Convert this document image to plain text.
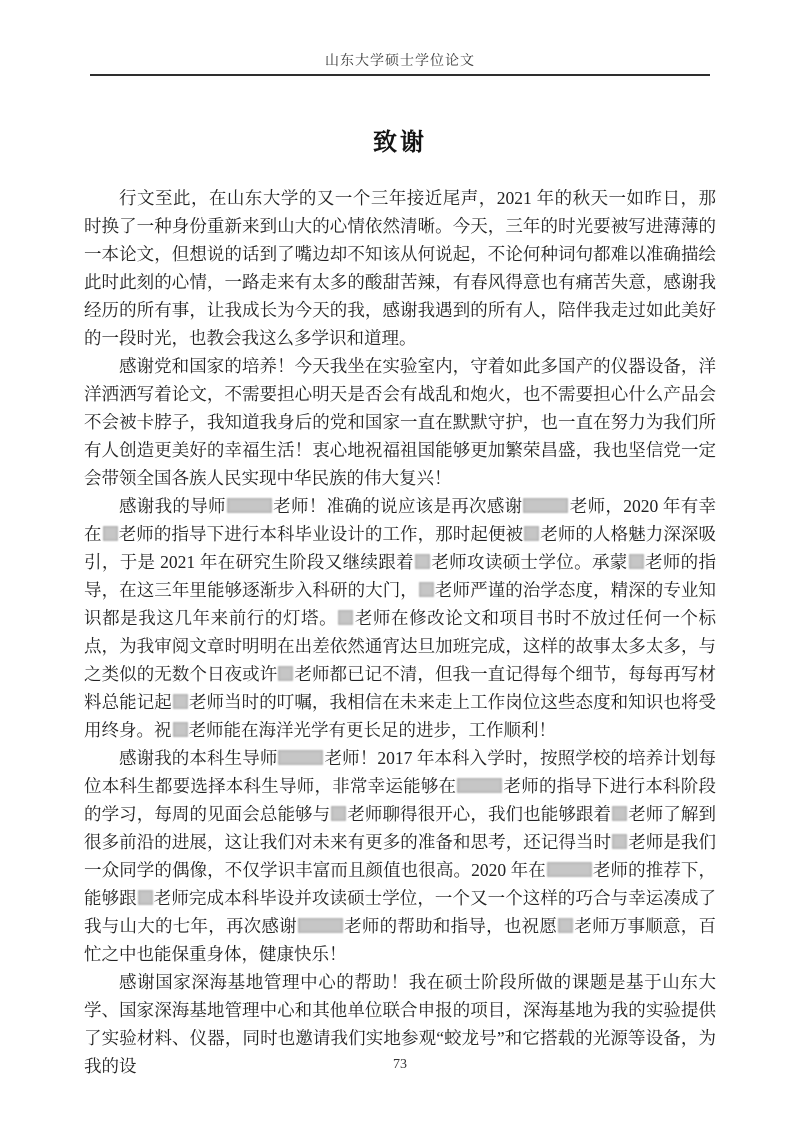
山东大学硕士学位论文
致谢

行文至此，在山东大学的又一个三年接近尾声，2021 年的秋天一如昨日，那时换了一种身份重新来到山大的心情依然清晰。今天，三年的时光要被写进薄薄的一本论文，但想说的话到了嘴边却不知该从何说起，不论何种词句都难以准确描绘此时此刻的心情，一路走来有太多的酸甜苦辣，有春风得意也有痛苦失意，感谢我经历的所有事，让我成长为今天的我，感谢我遇到的所有人，陪伴我走过如此美好的一段时光，也教会我这么多学识和道理。

感谢党和国家的培养！今天我坐在实验室内，守着如此多国产的仪器设备，洋洋洒洒写着论文，不需要担心明天是否会有战乱和炮火，也不需要担心什么产品会不会被卡脖子，我知道我身后的党和国家一直在默默守护，也一直在努力为我们所有人创造更美好的幸福生活！衷心地祝福祖国能够更加繁荣昌盛，我也坚信党一定会带领全国各族人民实现中华民族的伟大复兴！

感谢我的导师	老师！准确的说应该是再次感谢	老师，2020 年有幸在 老师的指导下进行本科毕业设计的工作，那时起便被 老师的人格魅力深深吸引，于是 2021 年在研究生阶段又继续跟着 老师攻读硕士学位。承蒙 老师的指导，在这三年里能够逐渐步入科研的大门， 老师严谨的治学态度，精深的专业知识都是我这几年来前行的灯塔。 老师在修改论文和项目书时不放过任何一个标点，为我审阅文章时明明在出差依然通宵达旦加班完成，这样的故事太多太多，与之类似的无数个日夜或许 老师都已记不清，但我一直记得每个细节，每每再写材料总能记起 老师当时的叮嘱，我相信在未来走上工作岗位这些态度和知识也将受用终身。祝 老师能在海洋光学有更长足的进步，工作顺利！

感谢我的本科生导师	老师！2017 年本科入学时，按照学校的培养计划每位本科生都要选择本科生导师，非常幸运能够在	老师的指导下进行本科阶段的学习，每周的见面会总能够与 老师聊得很开心，我们也能够跟着 老师了解到很多前沿的进展，这让我们对未来有更多的准备和思考，还记得当时 老师是我们一众同学的偶像，不仅学识丰富而且颜值也很高。2020 年在	老师的推荐下，能够跟 老师完成本科毕设并攻读硕士学位，一个又一个这样的巧合与幸运凑成了我与山大的七年，再次感谢	老师的帮助和指导，也祝愿 老师万事顺意，百忙之中也能保重身体，健康快乐！

感谢国家深海基地管理中心的帮助！我在硕士阶段所做的课题是基于山东大学、国家深海基地管理中心和其他单位联合申报的项目，深海基地为我的实验提供了实验材料、仪器，同时也邀请我们实地参观“蛟龙号”和它搭载的光源等设备，为我的设	73
